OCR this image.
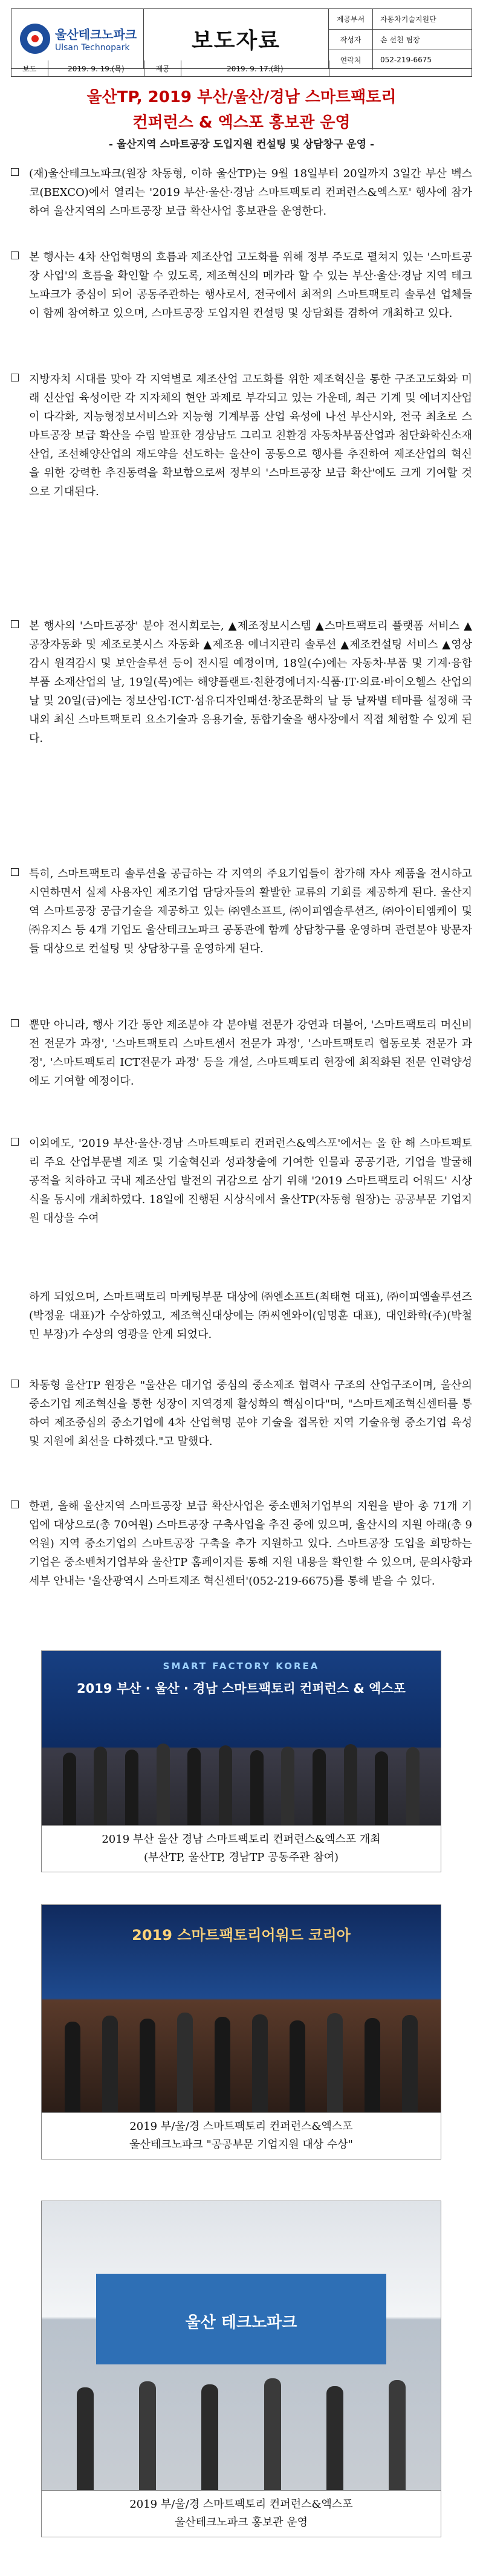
울산테크노파크
Ulsan Technopark	보도자료
제공부서	자동차기술지원단
작성자	손 선천 팀장
연락처	052-219-6675
보도	2019. 9. 19.(목)	제공	2019. 9. 17.(화)
울산TP, 2019 부산/울산/경남 스마트팩토리
컨퍼런스 & 엑스포 홍보관 운영
- 울산지역 스마트공장 도입지원 컨설팅 및 상담창구 운영 -
(재)울산테크노파크(원장 차동형, 이하 울산TP)는 9월 18일부터 20일까지 3일간 부산 벡스코(BEXCO)에서 열리는 '2019 부산·울산·경남 스마트팩토리 컨퍼런스&엑스포' 행사에 참가하여 울산지역의 스마트공장 보급 확산사업 홍보관을 운영한다.
본 행사는 4차 산업혁명의 흐름과 제조산업 고도화를 위해 정부 주도로 펼쳐지 있는 '스마트공장 사업'의 흐름을 확인할 수 있도록, 제조혁신의 메카라 할 수 있는 부산·울산·경남 지역 테크노파크가 중심이 되어 공동주관하는 행사로서, 전국에서 최적의 스마트팩토리 솔루션 업체들이 함께 참여하고 있으며, 스마트공장 도입지원 컨설팅 및 상담회를 겸하여 개최하고 있다.
지방자치 시대를 맞아 각 지역별로 제조산업 고도화를 위한 제조혁신을 통한 구조고도화와 미래 신산업 육성이란 각 지자체의 현안 과제로 부각되고 있는 가운데, 최근 기계 및 에너지산업이 다각화, 지능형정보서비스와 지능형 기계부품 산업 육성에 나선 부산시와, 전국 최초로 스마트공장 보급 확산을 수립 발표한 경상남도 그리고 친환경 자동차부품산업과 첨단화학신소재산업, 조선해양산업의 재도약을 선도하는 울산이 공동으로 행사를 추진하여 제조산업의 혁신을 위한 강력한 추진동력을 확보함으로써 정부의 '스마트공장 보급 확산'에도 크게 기여할 것으로 기대된다.
본 행사의 '스마트공장' 분야 전시회로는, ▲제조정보시스템 ▲스마트팩토리 플랫폼 서비스 ▲공장자동화 및 제조로봇시스 자동화 ▲제조용 에너지관리 솔루션 ▲제조컨설팅 서비스 ▲영상감시 원격감시 및 보안솔루션 등이 전시될 예정이며, 18일(수)에는 자동차·부품 및 기계·융합부품 소재산업의 날, 19일(목)에는 해양플랜트·친환경에너지·식품·IT·의료·바이오헬스 산업의 날 및 20일(금)에는 정보산업·ICT·섬유디자인패션·창조문화의 날 등 날짜별 테마를 설정해 국내외 최신 스마트팩토리 요소기술과 응용기술, 통합기술을 행사장에서 직접 체험할 수 있게 된다.
특히, 스마트팩토리 솔루션을 공급하는 각 지역의 주요기업들이 참가해 자사 제품을 전시하고 시연하면서 실제 사용자인 제조기업 담당자들의 활발한 교류의 기회를 제공하게 된다. 울산지역 스마트공장 공급기술을 제공하고 있는 ㈜엔소프트, ㈜이피엠솔루션즈, ㈜아이티엠케이 및 ㈜유지스 등 4개 기업도 울산테크노파크 공동관에 함께 상담창구를 운영하며 관련분야 방문자들 대상으로 컨설팅 및 상담창구를 운영하게 된다.
뿐만 아니라, 행사 기간 동안 제조분야 각 분야별 전문가 강연과 더불어, '스마트팩토리 머신비전 전문가 과정', '스마트팩토리 스마트센서 전문가 과정', '스마트팩토리 협동로봇 전문가 과정', '스마트팩토리 ICT전문가 과정' 등을 개설, 스마트팩토리 현장에 최적화된 전문 인력양성에도 기여할 예정이다.
이외에도, '2019 부산·울산·경남 스마트팩토리 컨퍼런스&엑스포'에서는 올 한 해 스마트팩토리 주요 산업부문별 제조 및 기술혁신과 성과창출에 기여한 인물과 공공기관, 기업을 발굴해 공적을 치하하고 국내 제조산업 발전의 귀감으로 삼기 위해 '2019 스마트팩토리 어워드' 시상식을 동시에 개최하였다. 18일에 진행된 시상식에서 울산TP(자동형 원장)는 공공부문 기업지원 대상을 수여
하게 되었으며, 스마트팩토리 마케팅부문 대상에 ㈜엔소프트(최태현 대표), ㈜이피엠솔루션즈(박정윤 대표)가 수상하였고, 제조혁신대상에는 ㈜씨엔와이(임명훈 대표), 대인화학(주)(박철민 부장)가 수상의 영광을 안게 되었다.
차동형 울산TP 원장은 "울산은 대기업 중심의 중소제조 협력사 구조의 산업구조이며, 울산의 중소기업 제조혁신을 통한 성장이 지역경제 활성화의 핵심이다"며, "스마트제조혁신센터를 통하여 제조중심의 중소기업에 4차 산업혁명 분야 기술을 접목한 지역 기술유형 중소기업 육성 및 지원에 최선을 다하겠다."고 말했다.
한편, 올해 울산지역 스마트공장 보급 확산사업은 중소벤처기업부의 지원을 받아 총 71개 기업에 대상으로(총 70여원) 스마트공장 구축사업을 추진 중에 있으며, 울산시의 지원 아래(총 9억원) 지역 중소기업의 스마트공장 구축을 추가 지원하고 있다. 스마트공장 도입을 희망하는 기업은 중소벤처기업부와 울산TP 홈페이지를 통해 지원 내용을 확인할 수 있으며, 문의사항과 세부 안내는 '울산광역시 스마트제조 혁신센터'(052-219-6675)를 통해 받을 수 있다.
SMART FACTORY KOREA
2019 부산 · 울산 · 경남 스마트팩토리 컨퍼런스 & 엑스포
2019 부산 울산 경남 스마트팩토리 컨퍼런스&엑스포 개최
(부산TP, 울산TP, 경남TP 공동주관 참여)
2019 스마트팩토리어워드 코리아
2019 부/울/경 스마트팩토리 컨퍼런스&엑스포
울산테크노파크 "공공부문 기업지원 대상 수상"
울산 테크노파크
2019 부/울/경 스마트팩토리 컨퍼런스&엑스포
울산테크노파크 홍보관 운영
